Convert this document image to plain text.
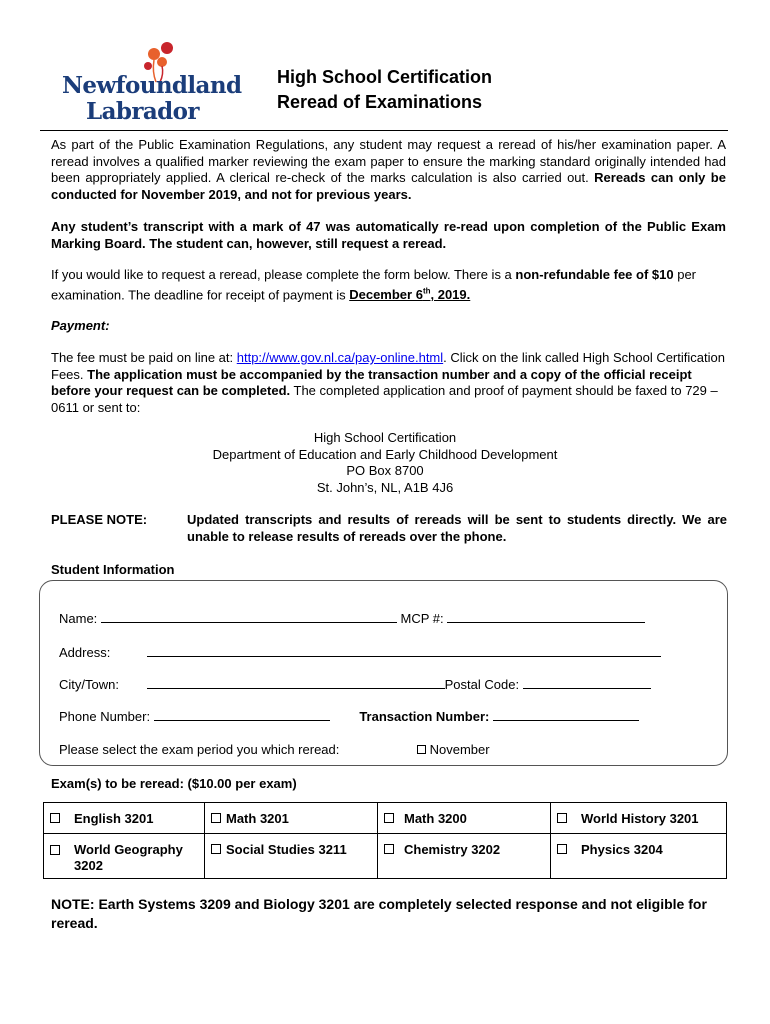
Newfoundland
Labrador
High School Certification
Reread of Examinations
As part of the Public Examination Regulations, any student may request a reread of his/her examination paper. A reread involves a qualified marker reviewing the exam paper to ensure the marking standard originally intended had been appropriately applied. A clerical re-check of the marks calculation is also carried out. Rereads can only be conducted for November 2019, and not for previous years.
Any student’s transcript with a mark of 47 was automatically re-read upon completion of the Public Exam Marking Board. The student can, however, still request a reread.
If you would like to request a reread, please complete the form below. There is a non-refundable fee of $10 per examination. The deadline for receipt of payment is December 6th, 2019.
Payment:
The fee must be paid on line at: http://www.gov.nl.ca/pay-online.html. Click on the link called High School Certification Fees. The application must be accompanied by the transaction number and a copy of the official receipt before your request can be completed. The completed application and proof of payment should be faxed to 729 – 0611 or sent to:
High School Certification
Department of Education and Early Childhood Development
PO Box 8700
St. John’s, NL, A1B 4J6
PLEASE NOTE:	Updated transcripts and results of rereads will be sent to students directly. We are unable to release results of rereads over the phone.
Student Information
Name:	MCP #:
Address:
City/Town:	Postal Code:
Phone Number:	Transaction Number:
Please select the exam period you which reread:	November
Exam(s) to be reread: ($10.00 per exam)
English 3201	Math 3201	Math 3200	World History 3201

World Geography 3202	Social Studies 3211	Chemistry 3202	Physics 3204
NOTE: Earth Systems 3209 and Biology 3201 are completely selected response and not eligible for reread.
